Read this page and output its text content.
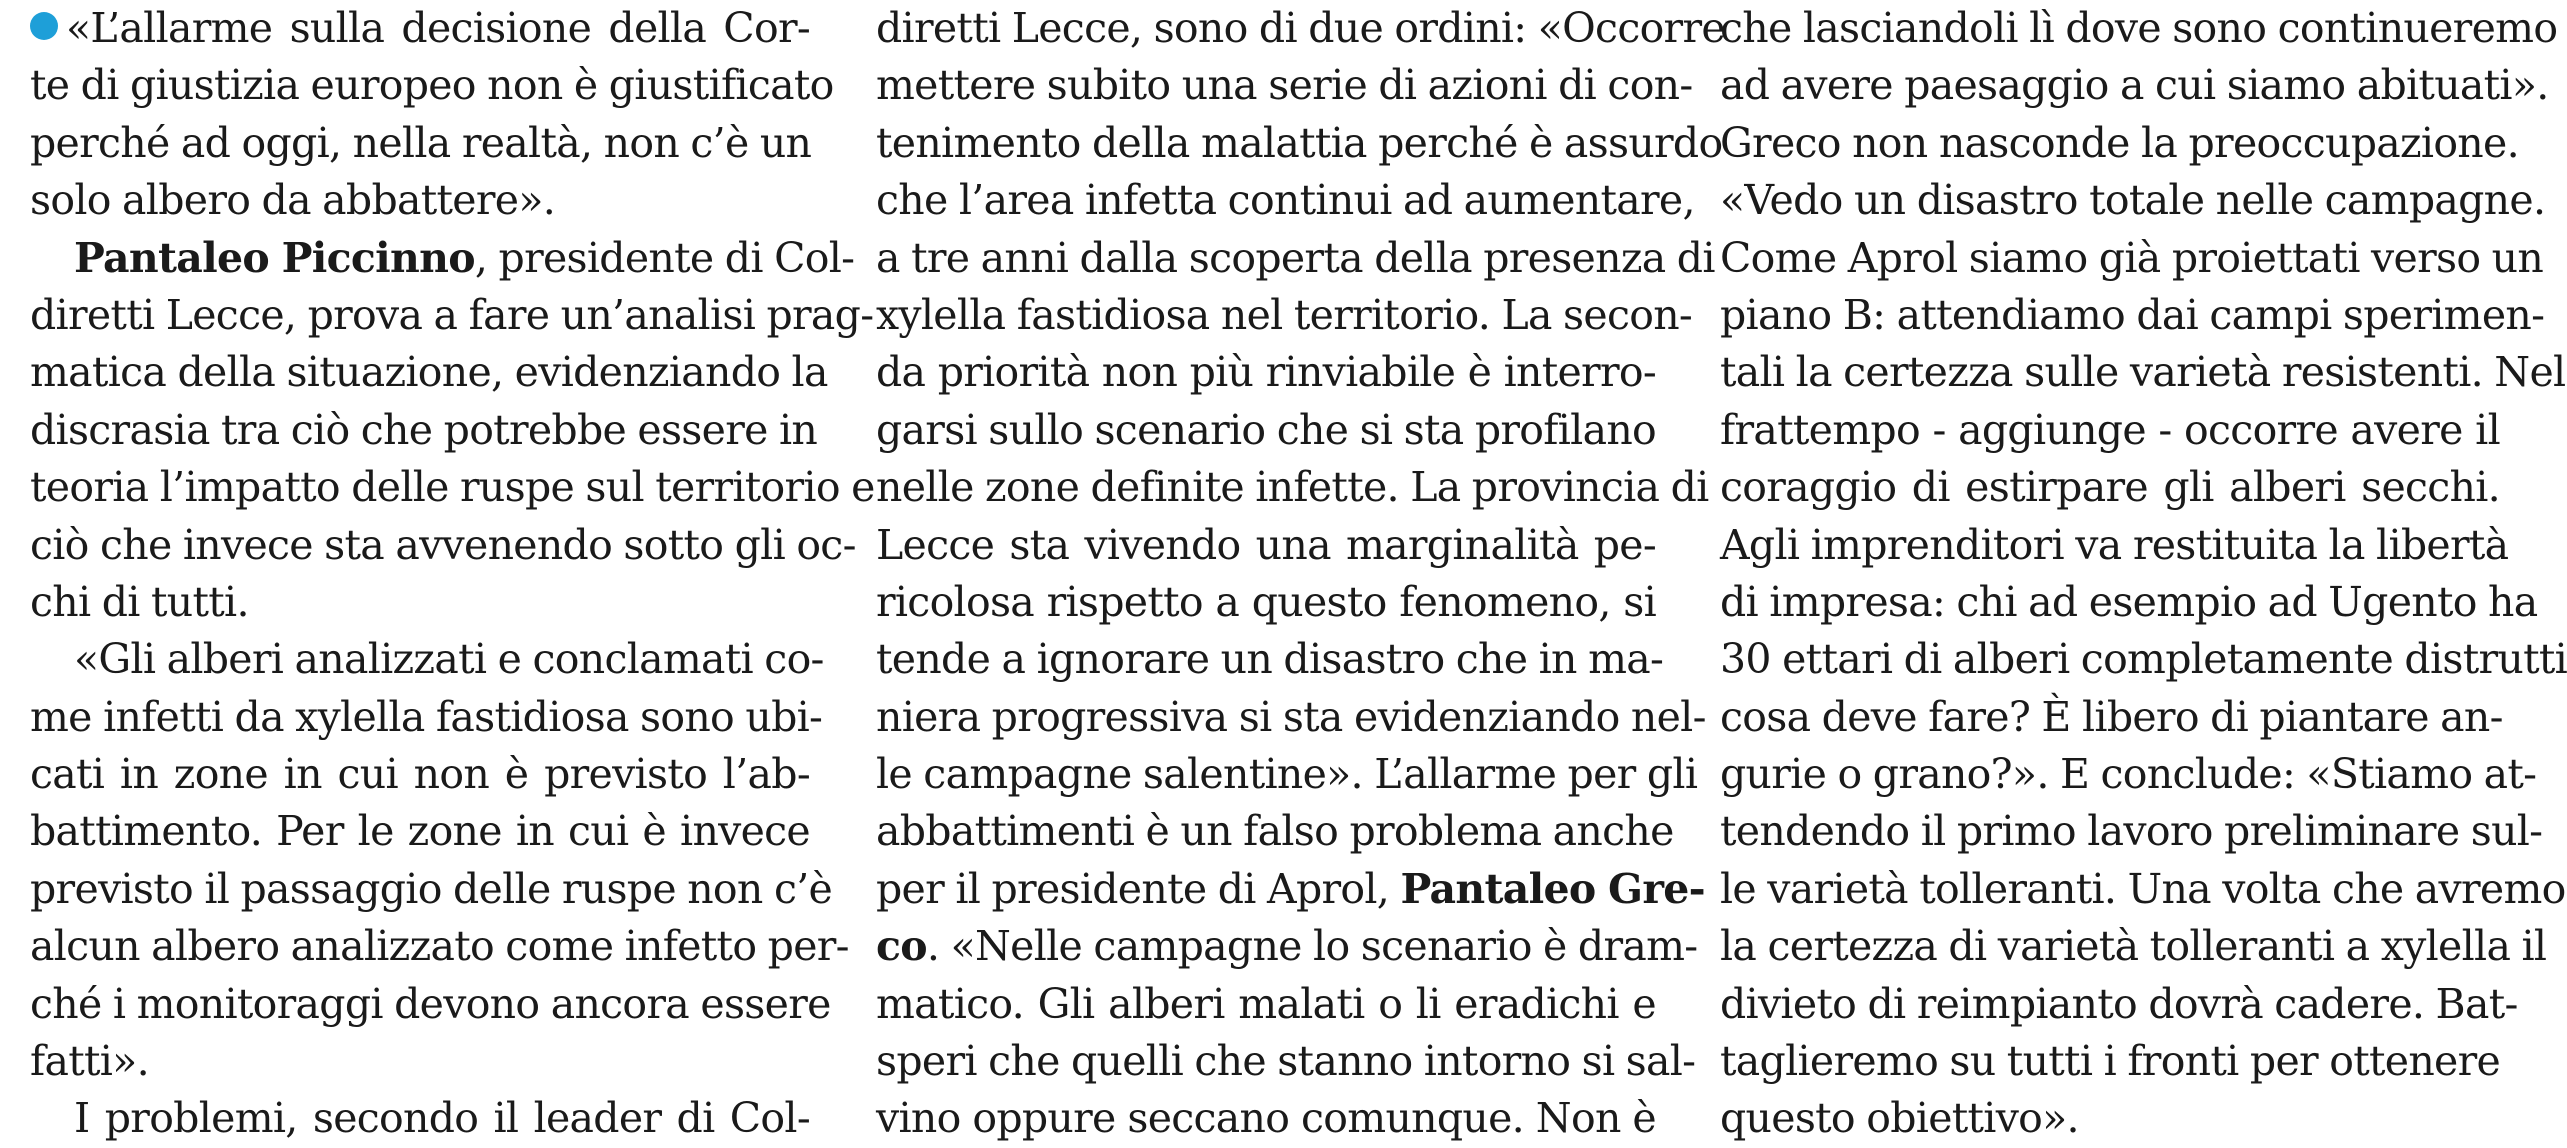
«L’allarme sulla decisione della Cor-
te di giustizia europeo non è giustificato
perché ad oggi, nella realtà, non c’è un
solo albero da abbattere».
Pantaleo Piccinno, presidente di Col-
diretti Lecce, prova a fare un’analisi prag-
matica della situazione, evidenziando la
discrasia tra ciò che potrebbe essere in
teoria l’impatto delle ruspe sul territorio e
ciò che invece sta avvenendo sotto gli oc-
chi di tutti.
«Gli alberi analizzati e conclamati co-
me infetti da xylella fastidiosa sono ubi-
cati in zone in cui non è previsto l’ab-
battimento. Per le zone in cui è invece
previsto il passaggio delle ruspe non c’è
alcun albero analizzato come infetto per-
ché i monitoraggi devono ancora essere
fatti».
I problemi, secondo il leader di Col-
diretti Lecce, sono di due ordini: «Occorre
mettere subito una serie di azioni di con-
tenimento della malattia perché è assurdo
che l’area infetta continui ad aumentare,
a tre anni dalla scoperta della presenza di
xylella fastidiosa nel territorio. La secon-
da priorità non più rinviabile è interro-
garsi sullo scenario che si sta profilano
nelle zone definite infette. La provincia di
Lecce sta vivendo una marginalità pe-
ricolosa rispetto a questo fenomeno, si
tende a ignorare un disastro che in ma-
niera progressiva si sta evidenziando nel-
le campagne salentine». L’allarme per gli
abbattimenti è un falso problema anche
per il presidente di Aprol, Pantaleo Gre-
co. «Nelle campagne lo scenario è dram-
matico. Gli alberi malati o li eradichi e
speri che quelli che stanno intorno si sal-
vino oppure seccano comunque. Non è
che lasciandoli lì dove sono continueremo
ad avere paesaggio a cui siamo abituati».
Greco non nasconde la preoccupazione.
«Vedo un disastro totale nelle campagne.
Come Aprol siamo già proiettati verso un
piano B: attendiamo dai campi sperimen-
tali la certezza sulle varietà resistenti. Nel
frattempo - aggiunge - occorre avere il
coraggio di estirpare gli alberi secchi.
Agli imprenditori va restituita la libertà
di impresa: chi ad esempio ad Ugento ha
30 ettari di alberi completamente distrutti
cosa deve fare? È libero di piantare an-
gurie o grano?». E conclude: «Stiamo at-
tendendo il primo lavoro preliminare sul-
le varietà tolleranti. Una volta che avremo
la certezza di varietà tolleranti a xylella il
divieto di reimpianto dovrà cadere. Bat-
taglieremo su tutti i fronti per ottenere
questo obiettivo».
